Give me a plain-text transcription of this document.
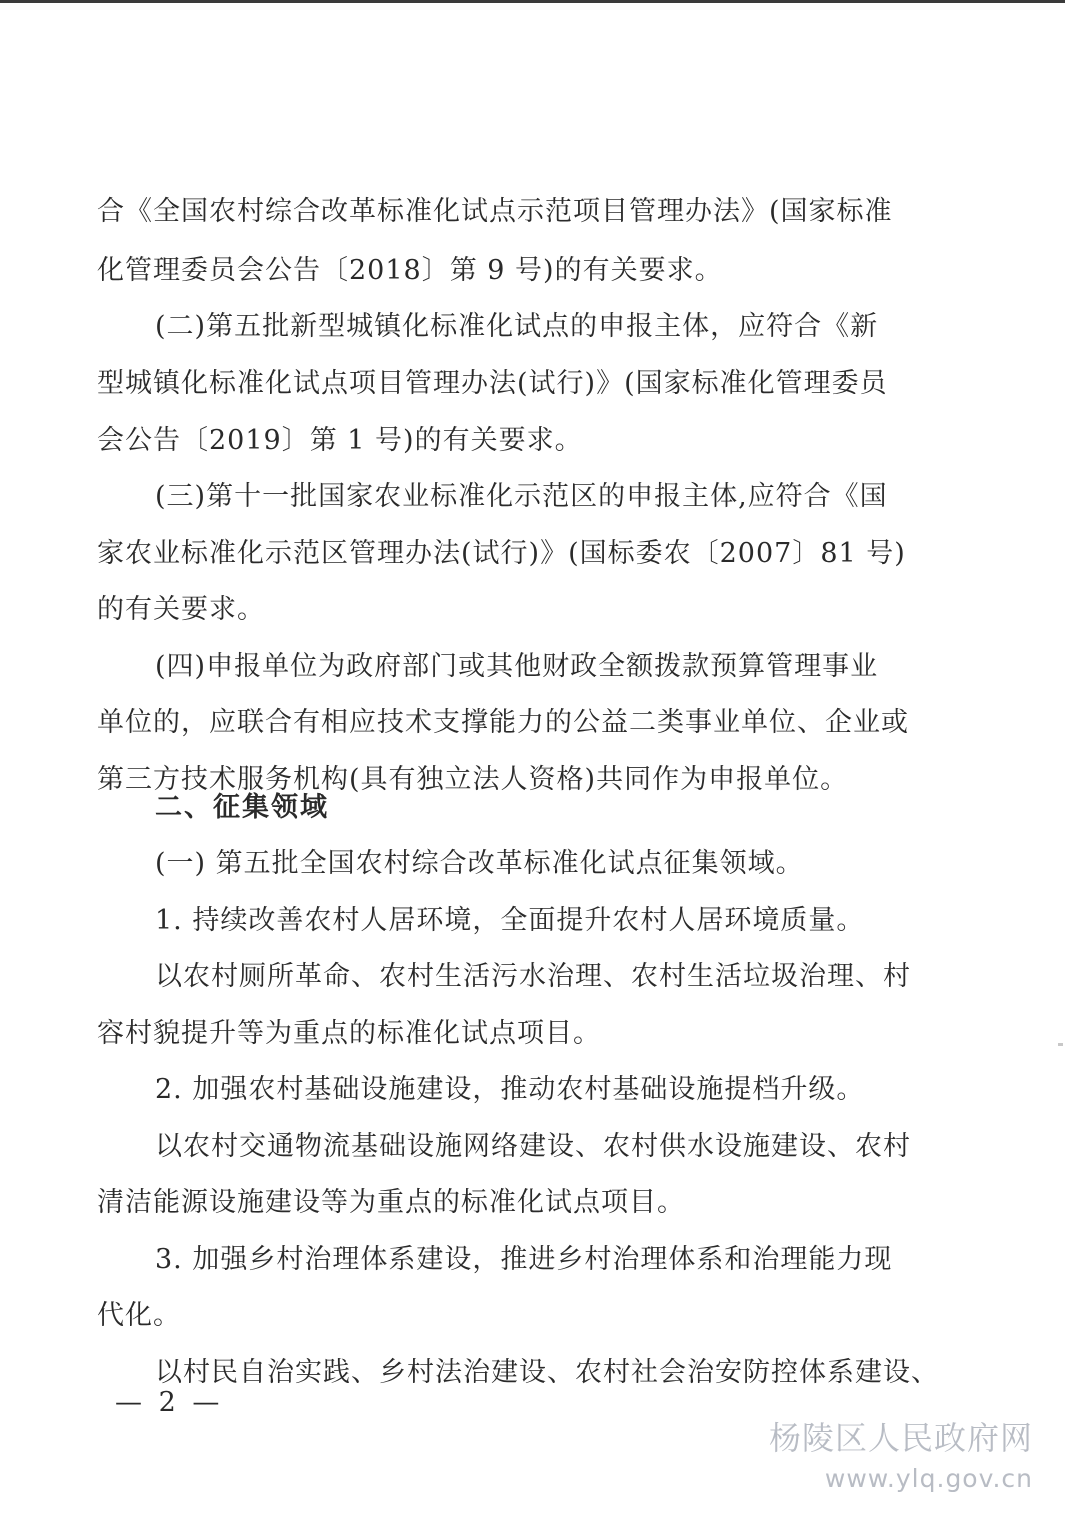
合《全国农村综合改革标准化试点示范项目管理办法》(国家标准
化管理委员会公告〔2018〕第 9 号)的有关要求。
(二)第五批新型城镇化标准化试点的申报主体，应符合《新
型城镇化标准化试点项目管理办法(试行)》(国家标准化管理委员
会公告〔2019〕第 1 号)的有关要求。
(三)第十一批国家农业标准化示范区的申报主体,应符合《国
家农业标准化示范区管理办法(试行)》(国标委农〔2007〕81 号)
的有关要求。
(四)申报单位为政府部门或其他财政全额拨款预算管理事业
单位的，应联合有相应技术支撑能力的公益二类事业单位、企业或
第三方技术服务机构(具有独立法人资格)共同作为申报单位。
二、征集领域
(一) 第五批全国农村综合改革标准化试点征集领域。
1. 持续改善农村人居环境，全面提升农村人居环境质量。
以农村厕所革命、农村生活污水治理、农村生活垃圾治理、村
容村貌提升等为重点的标准化试点项目。
2. 加强农村基础设施建设，推动农村基础设施提档升级。
以农村交通物流基础设施网络建设、农村供水设施建设、农村
清洁能源设施建设等为重点的标准化试点项目。
3. 加强乡村治理体系建设，推进乡村治理体系和治理能力现
代化。
以村民自治实践、乡村法治建设、农村社会治安防控体系建设、
— 2 —
杨陵区人民政府网
www.ylq.gov.cn
